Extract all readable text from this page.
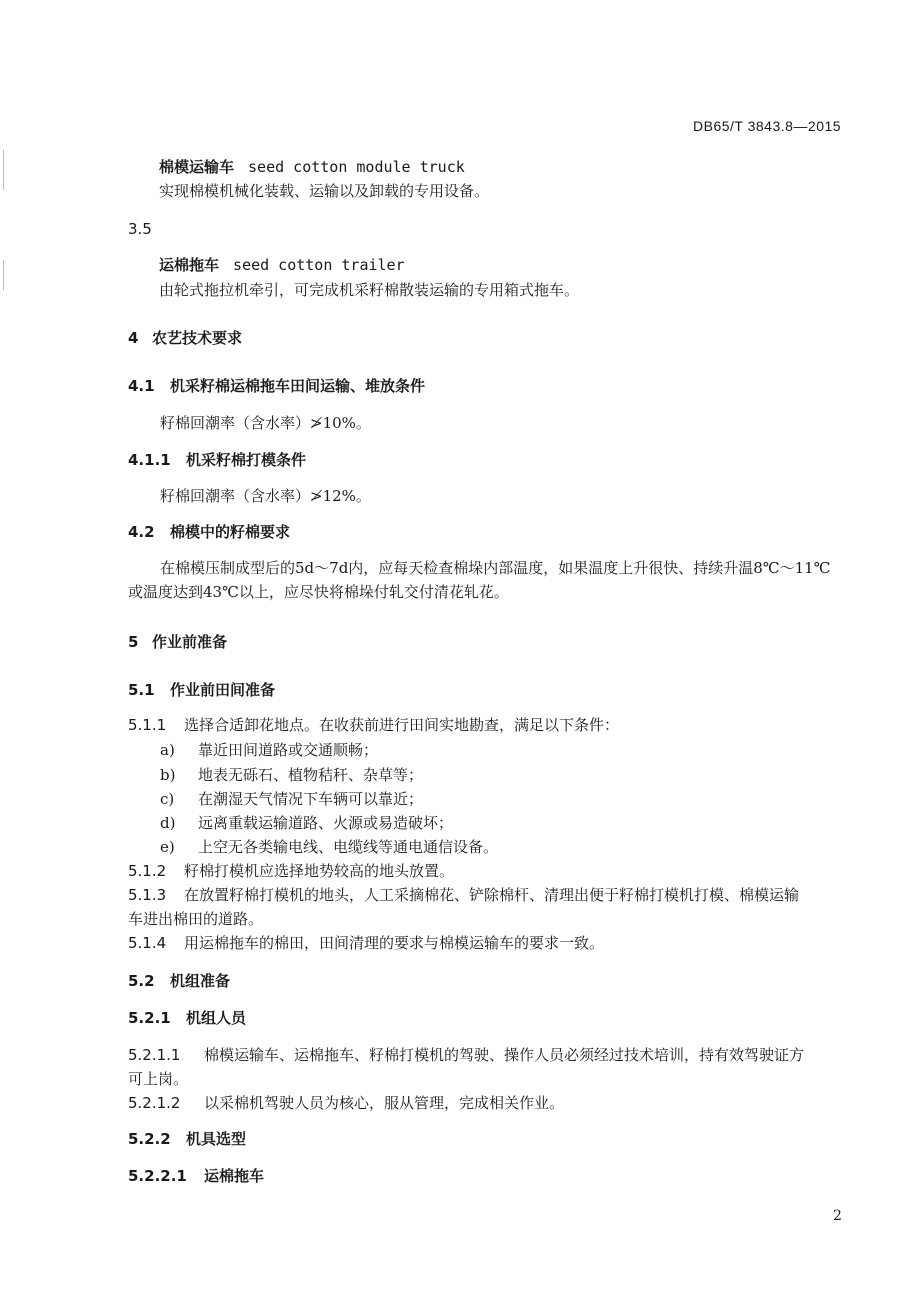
DB65/T 3843.8—2015
棉模运输车 seed cotton module truck
实现棉模机械化装载、运输以及卸载的专用设备。
3.5
运棉拖车 seed cotton trailer
由轮式拖拉机牵引，可完成机采籽棉散装运输的专用箱式拖车。
4 农艺技术要求
4.1 机采籽棉运棉拖车田间运输、堆放条件
籽棉回潮率（含水率）≯10%。
4.1.1 机采籽棉打模条件
籽棉回潮率（含水率）≯12%。
4.2 棉模中的籽棉要求
在棉模压制成型后的5d～7d内，应每天检查棉垛内部温度，如果温度上升很快、持续升温8℃～11℃
或温度达到43℃以上，应尽快将棉垛付轧交付清花轧花。
5 作业前准备
5.1 作业前田间准备
5.1.1 选择合适卸花地点。在收获前进行田间实地勘查，满足以下条件：
a) 靠近田间道路或交通顺畅；
b) 地表无砾石、植物秸秆、杂草等；
c) 在潮湿天气情况下车辆可以靠近；
d) 远离重载运输道路、火源或易造破坏；
e) 上空无各类输电线、电缆线等通电通信设备。
5.1.2 籽棉打模机应选择地势较高的地头放置。
5.1.3 在放置籽棉打模机的地头，人工采摘棉花、铲除棉杆、清理出便于籽棉打模机打模、棉模运输
车进出棉田的道路。
5.1.4 用运棉拖车的棉田，田间清理的要求与棉模运输车的要求一致。
5.2 机组准备
5.2.1 机组人员
5.2.1.1 棉模运输车、运棉拖车、籽棉打模机的驾驶、操作人员必须经过技术培训，持有效驾驶证方
可上岗。
5.2.1.2 以采棉机驾驶人员为核心，服从管理，完成相关作业。
5.2.2 机具选型
5.2.2.1 运棉拖车
2
